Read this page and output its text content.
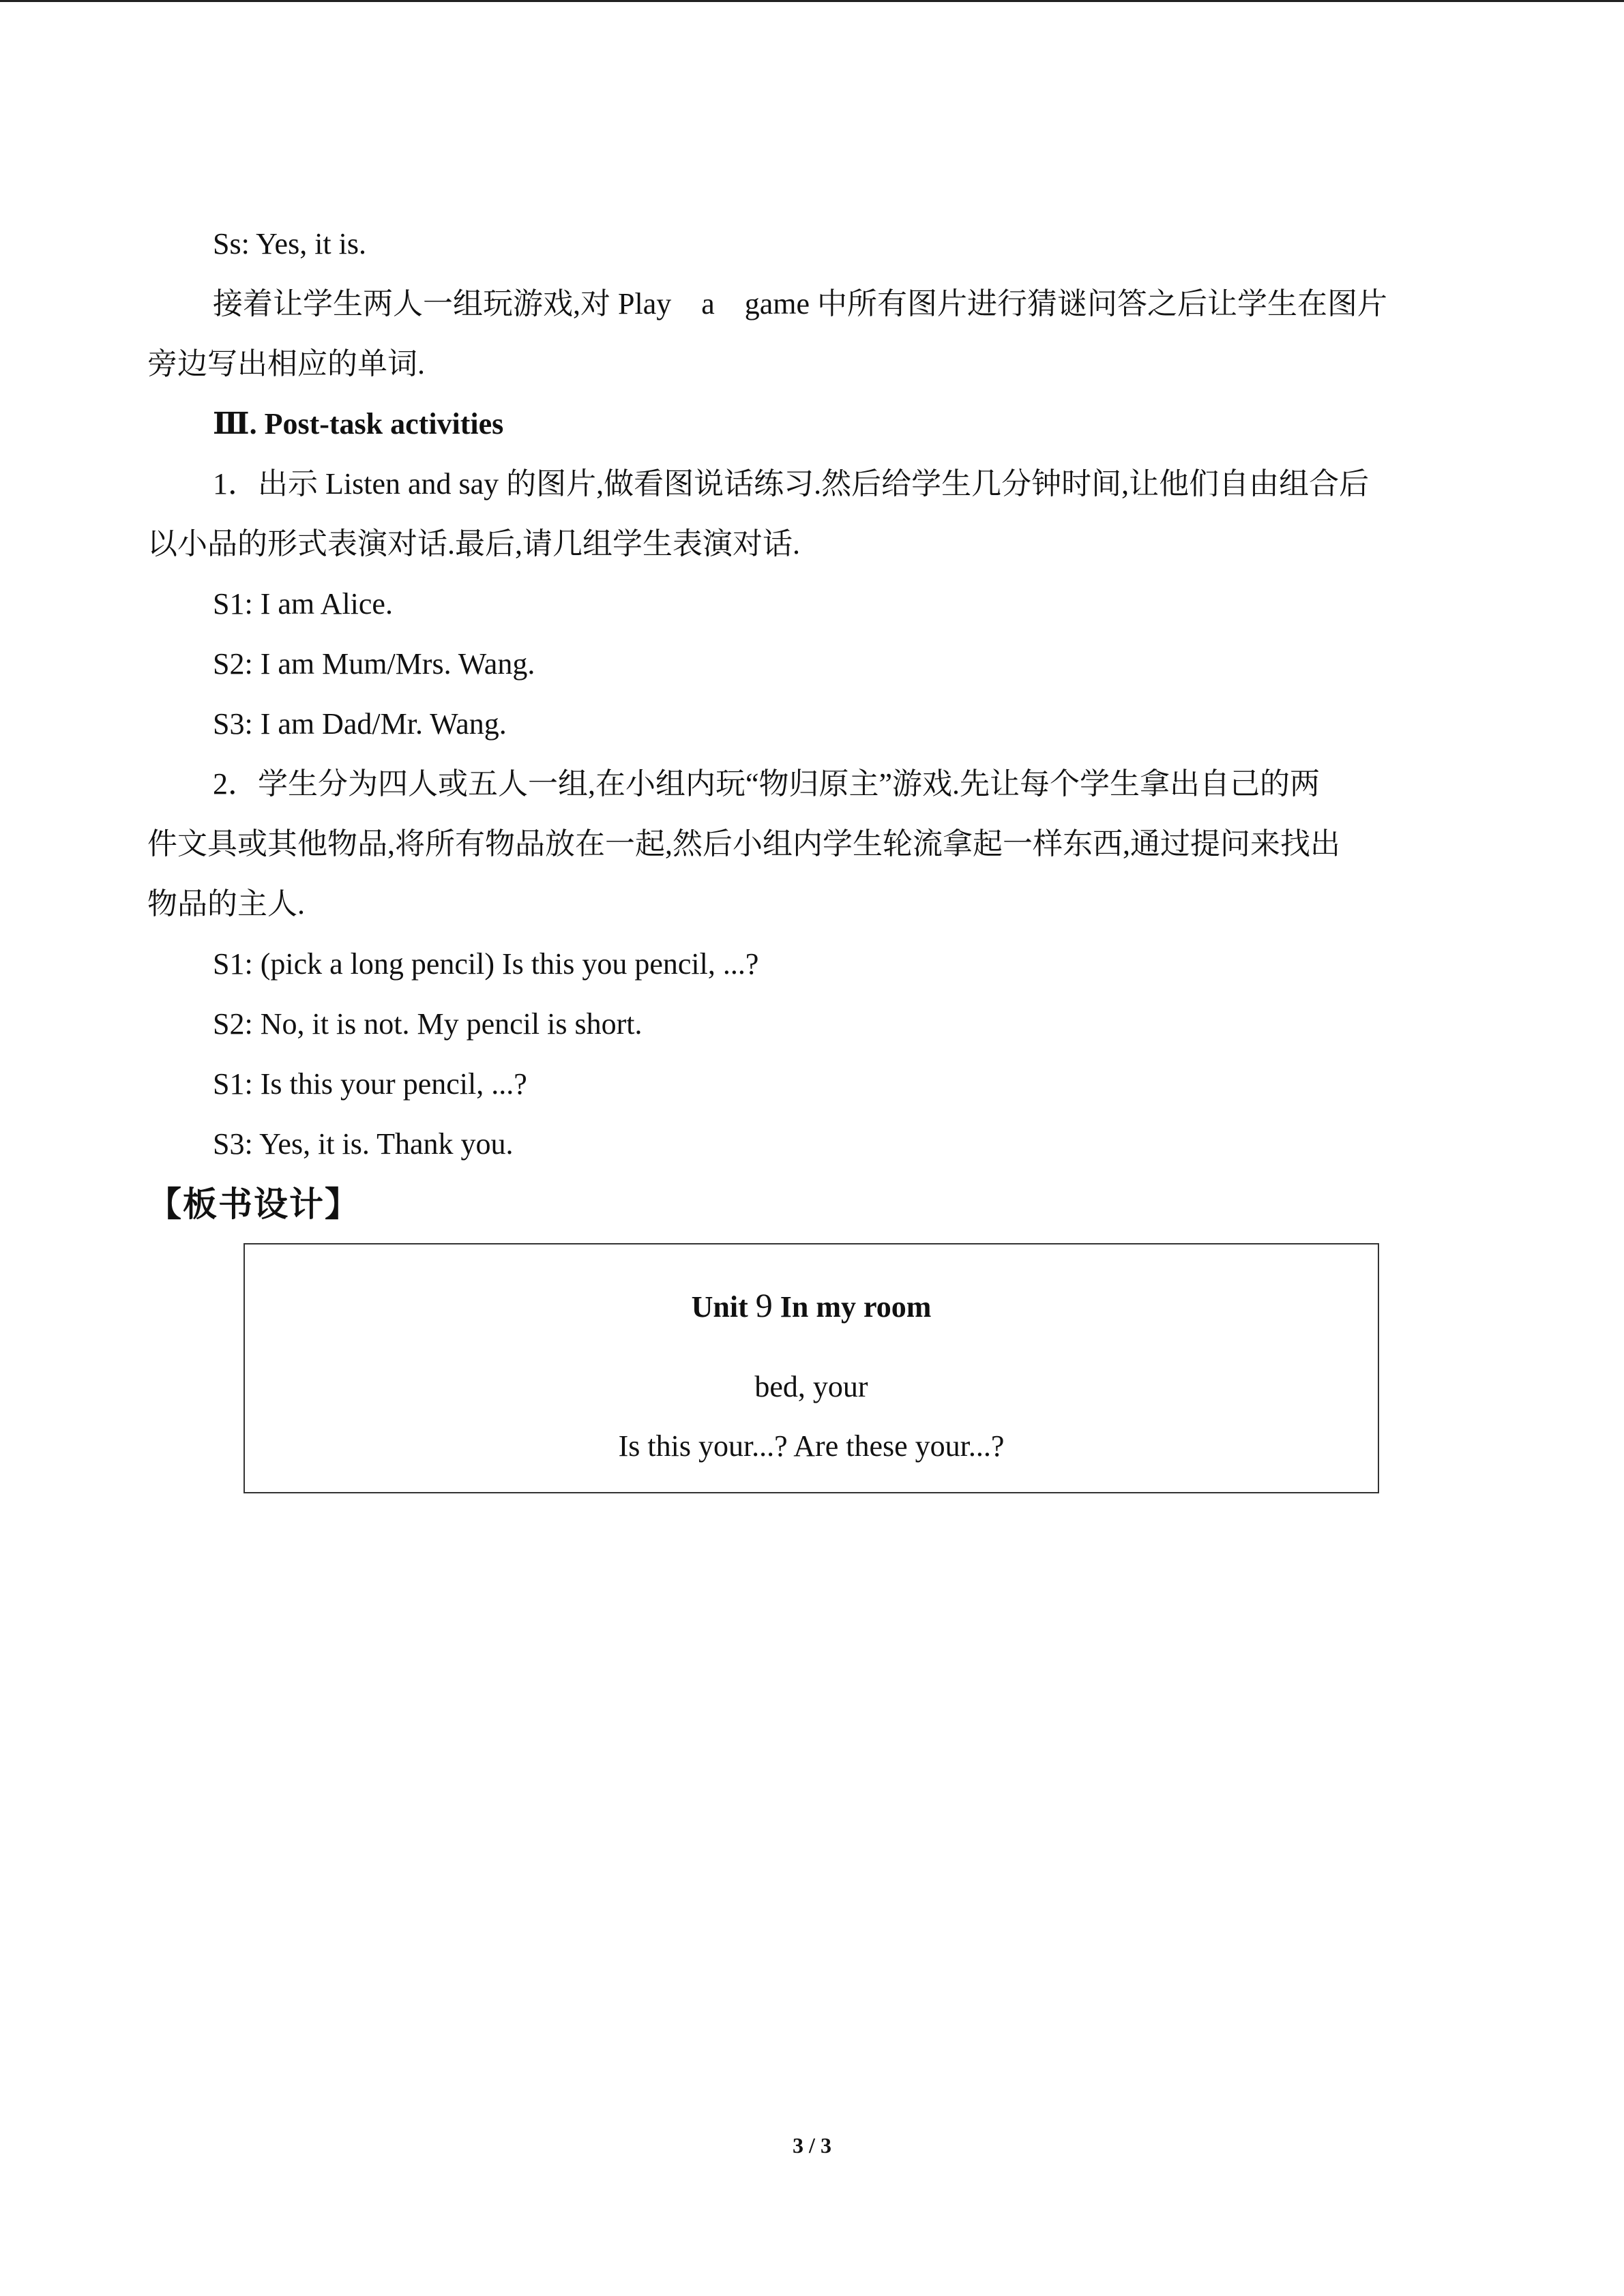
Ss: Yes, it is.

接着让学生两人一组玩游戏,对 Play　a　game 中所有图片进行猜谜问答之后让学生在图片

旁边写出相应的单词.

Ⅲ. Post-task activities

1．出示 Listen and say 的图片,做看图说话练习.然后给学生几分钟时间,让他们自由组合后

以小品的形式表演对话.最后,请几组学生表演对话.

S1: I am Alice.

S2: I am Mum/Mrs. Wang.

S3: I am Dad/Mr. Wang.

2．学生分为四人或五人一组,在小组内玩“物归原主”游戏.先让每个学生拿出自己的两

件文具或其他物品,将所有物品放在一起,然后小组内学生轮流拿起一样东西,通过提问来找出

物品的主人.

S1: (pick a long pencil) Is this you pencil, ...?

S2: No, it is not. My pencil is short.

S1: Is this your pencil, ...?

S3: Yes, it is. Thank you.

【板书设计】

Unit 9 In my room
bed, your
Is this your...? Are these your...?
3 / 3
